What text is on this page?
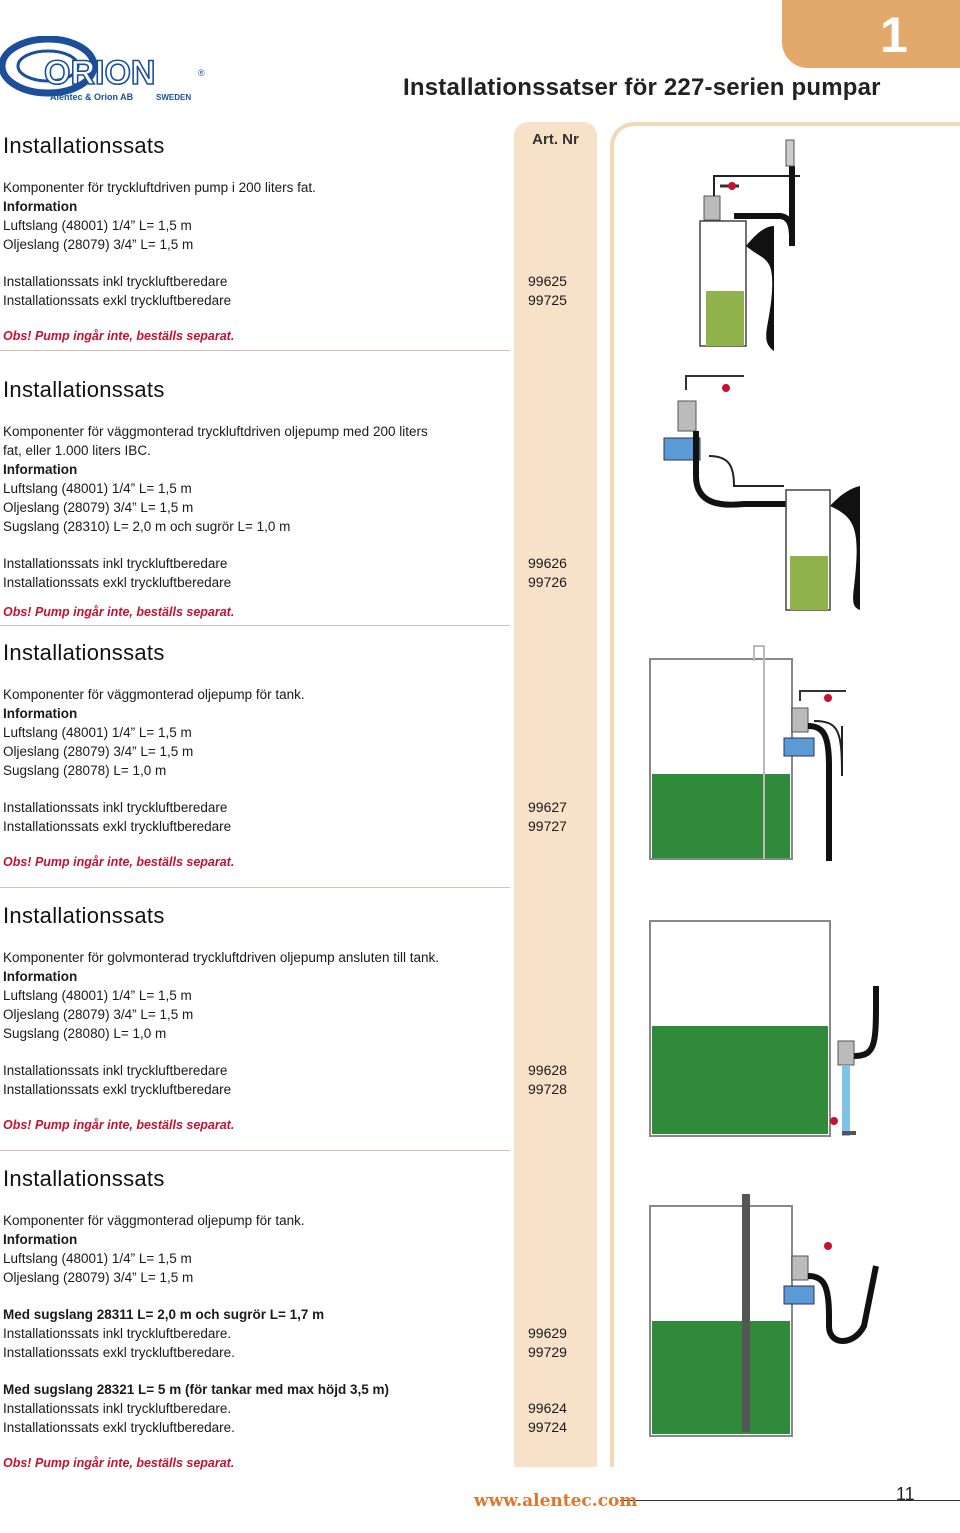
1
ORION	®
Alentec & Orion AB	SWEDEN	Installationssatser för 227-serien pumpar
Art. Nr
Installationssats
Komponenter för tryckluftdriven pump i 200 liters fat.
Information
Luftslang (48001) 1/4” L= 1,5 m
Oljeslang (28079) 3/4” L= 1,5 m
Installationssats inkl tryckluftberedare	99625
Installationssats exkl tryckluftberedare	99725
Obs! Pump ingår inte, beställs separat.
Installationssats
Komponenter för väggmonterad tryckluftdriven oljepump med 200 liters
fat, eller 1.000 liters IBC.
Information
Luftslang (48001) 1/4” L= 1,5 m
Oljeslang (28079) 3/4” L= 1,5 m
Sugslang (28310) L= 2,0 m och sugrör L= 1,0 m
Installationssats inkl tryckluftberedare	99626
Installationssats exkl tryckluftberedare	99726
Obs! Pump ingår inte, beställs separat.
Installationssats
Komponenter för väggmonterad oljepump för tank.
Information
Luftslang (48001) 1/4” L= 1,5 m
Oljeslang (28079) 3/4” L= 1,5 m
Sugslang (28078) L= 1,0 m
Installationssats inkl tryckluftberedare	99627
Installationssats exkl tryckluftberedare	99727
Obs! Pump ingår inte, beställs separat.
Installationssats
Komponenter för golvmonterad tryckluftdriven oljepump ansluten till tank.
Information
Luftslang (48001) 1/4” L= 1,5 m
Oljeslang (28079) 3/4” L= 1,5 m
Sugslang (28080) L= 1,0 m
Installationssats inkl tryckluftberedare	99628
Installationssats exkl tryckluftberedare	99728
Obs! Pump ingår inte, beställs separat.
Installationssats
Komponenter för väggmonterad oljepump för tank.
Information
Luftslang (48001) 1/4” L= 1,5 m
Oljeslang (28079) 3/4” L= 1,5 m
Med sugslang 28311 L= 2,0 m och sugrör L= 1,7 m
Installationssats inkl tryckluftberedare.	99629
Installationssats exkl tryckluftberedare.	99729
Med sugslang 28321 L= 5 m (för tankar med max höjd 3,5 m)
Installationssats inkl tryckluftberedare.	99624
Installationssats exkl tryckluftberedare.	99724
Obs! Pump ingår inte, beställs separat.
www.alentec.com	11
